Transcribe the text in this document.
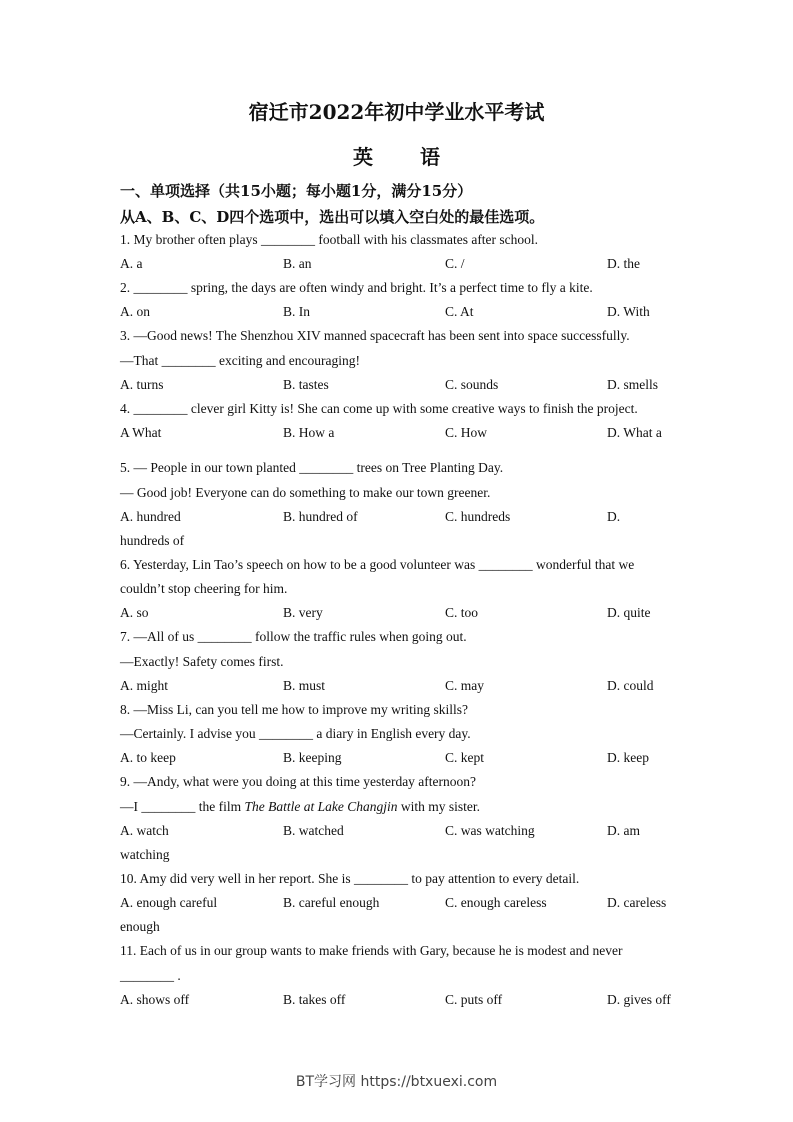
宿迁市2022年初中学业水平考试
英 语
一、单项选择（共15小题；每小题1分，满分15分）
从A、B、C、D四个选项中，选出可以填入空白处的最佳选项。
1. My brother often plays ________ football with his classmates after school.
A. a	B. an	C. /	D. the
2. ________ spring, the days are often windy and bright. It’s a perfect time to fly a kite.
A. on	B. In	C. At	D. With
3. —Good news! The Shenzhou XIV manned spacecraft has been sent into space successfully.
—That ________ exciting and encouraging!
A. turns	B. tastes	C. sounds	D. smells
4. ________ clever girl Kitty is! She can come up with some creative ways to finish the project.
A What	B. How a	C. How	D. What a
5. — People in our town planted ________ trees on Tree Planting Day.
— Good job! Everyone can do something to make our town greener.
A. hundred	B. hundred of	C. hundreds	D.
hundreds of
6. Yesterday, Lin Tao’s speech on how to be a good volunteer was ________ wonderful that we
couldn’t stop cheering for him.
A. so	B. very	C. too	D. quite
7. —All of us ________ follow the traffic rules when going out.
—Exactly! Safety comes first.
A. might	B. must	C. may	D. could
8. —Miss Li, can you tell me how to improve my writing skills?
—Certainly. I advise you ________ a diary in English every day.
A. to keep	B. keeping	C. kept	D. keep
9. —Andy, what were you doing at this time yesterday afternoon?
—I ________ the film The Battle at Lake Changjin with my sister.
A. watch	B. watched	C. was watching	D. am
watching
10. Amy did very well in her report. She is ________ to pay attention to every detail.
A. enough careful	B. careful enough	C. enough careless	D. careless
enough
11. Each of us in our group wants to make friends with Gary, because he is modest and never
________ .
A. shows off	B. takes off	C. puts off	D. gives off
BT学习网 https://btxuexi.com
